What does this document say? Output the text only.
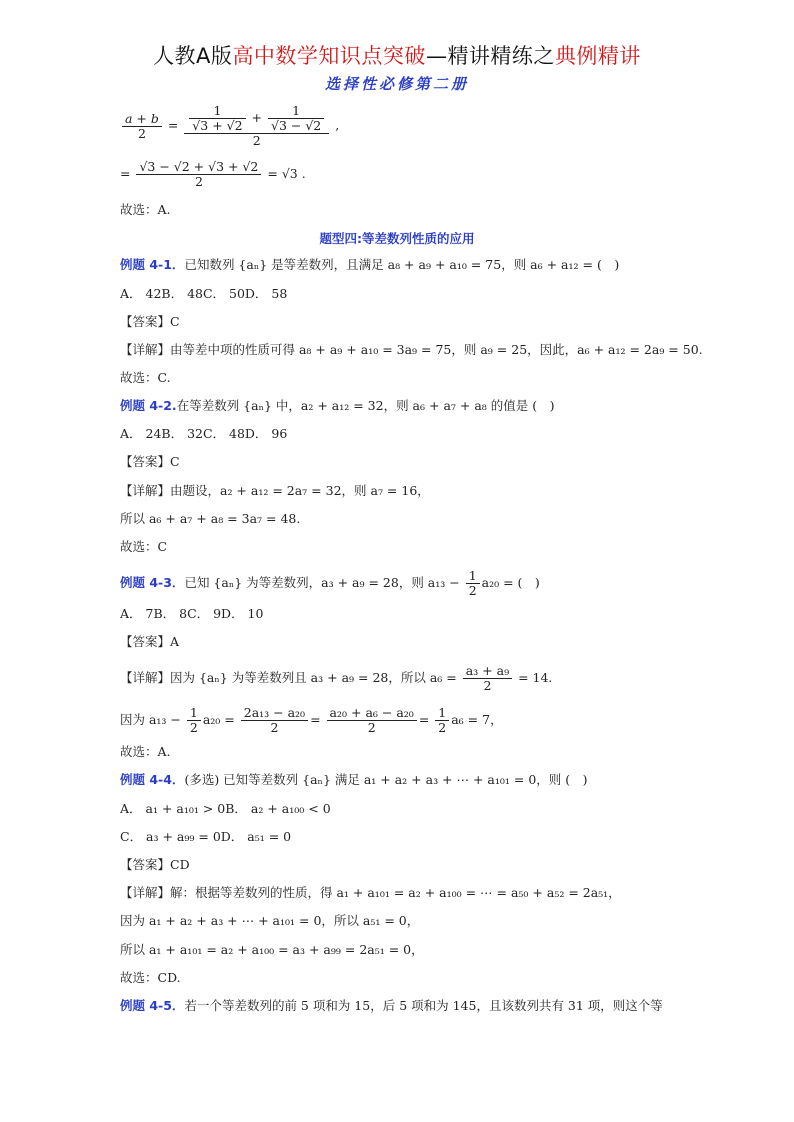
人教A版高中数学知识点突破—精讲精练之典例精讲
选择性必修第二册
$\frac{a + b}{2} = \frac{\frac{1}{√3 + √2} + \frac{1}{√3 - √2}}{2}$ ,
= $\frac{√3 - √2 + √3 + √2}{2} = √3$ .
故选：A.
题型四:等差数列性质的应用
例题 4-1．已知数列 {aₙ} 是等差数列，且满足 a₈ + a₉ + a₁₀ = 75，则 a₆ + a₁₂ = (　)
A． 42B． 48C． 50D． 58
【答案】C
【详解】由等差中项的性质可得 a₈ + a₉ + a₁₀ = 3a₉ = 75，则 a₉ = 25，因此，a₆ + a₁₂ = 2a₉ = 50.
故选：C.
例题 4-2.在等差数列 {aₙ} 中，a₂ + a₁₂ = 32，则 a₆ + a₇ + a₈ 的值是 (　)
A． 24B． 32C． 48D． 96
【答案】C
【详解】由题设，a₂ + a₁₂ = 2a₇ = 32，则 a₇ = 16，
所以 a₆ + a₇ + a₈ = 3a₇ = 48.
故选：C
例题 4-3．已知 {aₙ} 为等差数列，a₃ + a₉ = 28，则 $a_{13} - \frac{1}{2} a_{20}$ = (　)
A． 7B． 8C． 9D． 10
【答案】A
【详解】因为 {aₙ} 为等差数列且 a₃ + a₉ = 28，所以 $a_6 = \frac{\text{a₃ + a₉}}{2} = 14$.
因为 $a_{13} - \frac{1}{2} a_{20} = \frac{\text{2a₁₃ − a₂₀}}{2} = \frac{\text{a₂₀ + a₆ − a₂₀}}{2} = \frac{1}{2} a_6 = 7$，
故选：A.
例题 4-4．(多选) 已知等差数列 {aₙ} 满足 a₁ + a₂ + a₃ + ⋯ + a₁₀₁ = 0，则 (　)
A． a₁ + a₁₀₁ > 0B． a₂ + a₁₀₀ < 0
C． a₃ + a₉₉ = 0D． a₅₁ = 0
【答案】CD
【详解】解：根据等差数列的性质，得 a₁ + a₁₀₁ = a₂ + a₁₀₀ = ⋯ = a₅₀ + a₅₂ = 2a₅₁，
因为 a₁ + a₂ + a₃ + ⋯ + a₁₀₁ = 0，所以 a₅₁ = 0，
所以 a₁ + a₁₀₁ = a₂ + a₁₀₀ = a₃ + a₉₉ = 2a₅₁ = 0，
故选：CD.
例题 4-5．若一个等差数列的前 5 项和为 15，后 5 项和为 145，且该数列共有 31 项，则这个等
